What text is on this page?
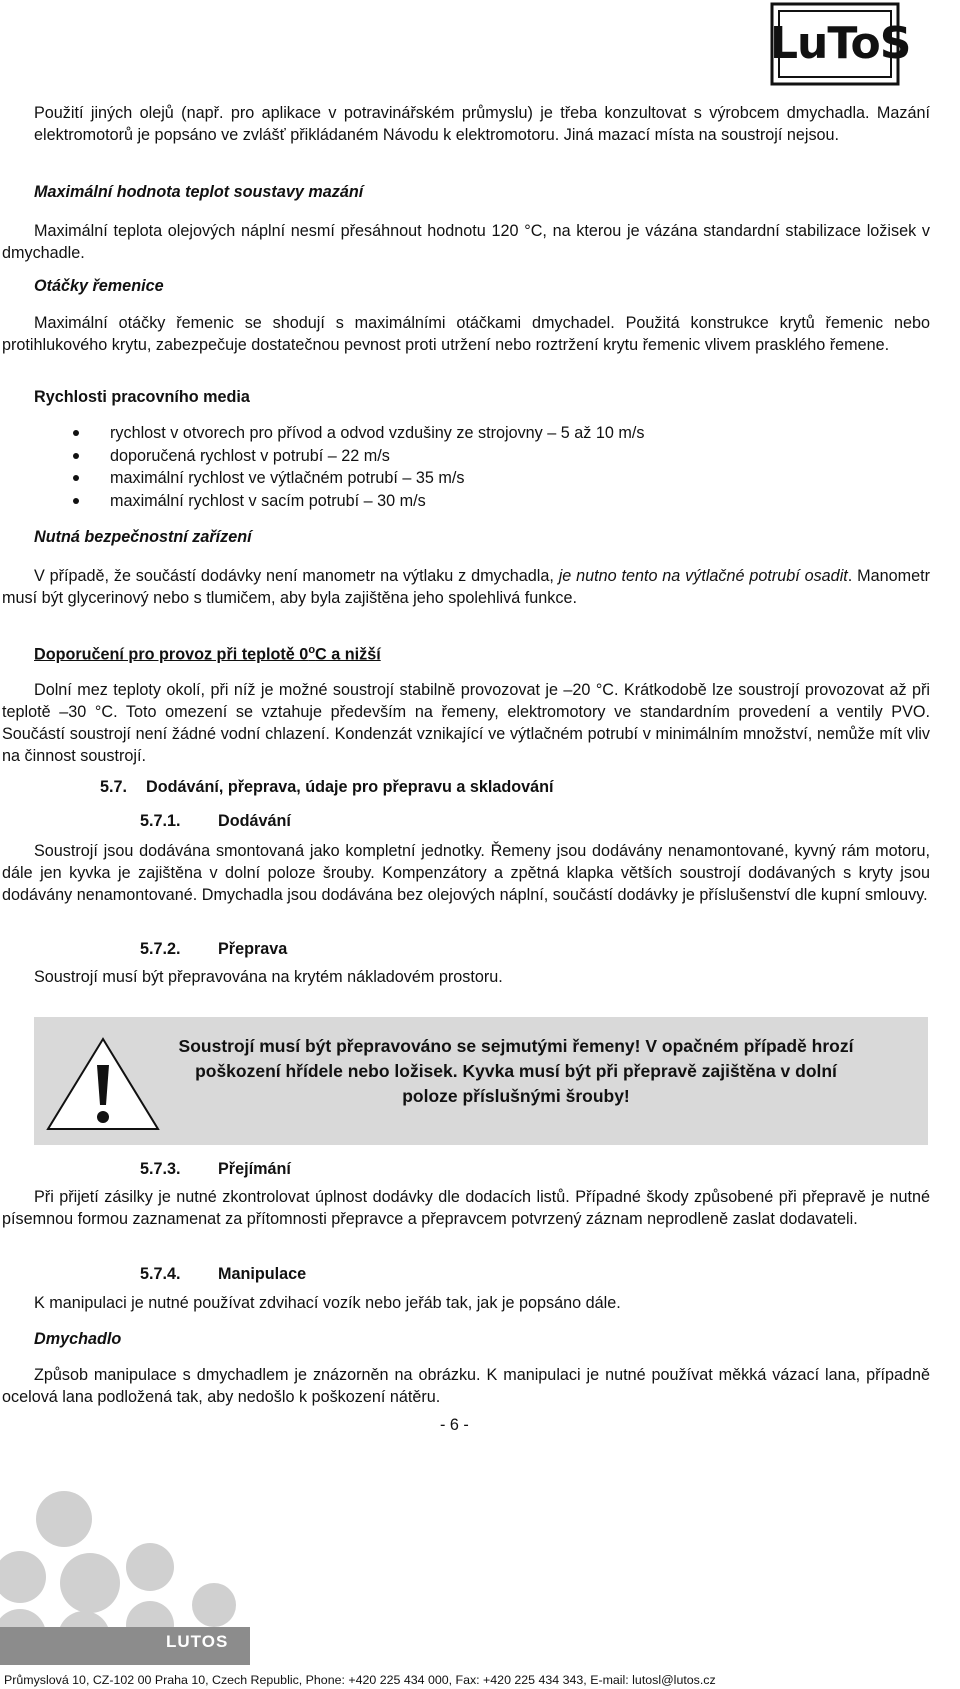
LuToS

Použití jiných olejů (např. pro aplikace v potravinářském průmyslu) je třeba konzultovat s výrobcem dmychadla. Mazání elektromotorů je popsáno ve zvlášť přikládaném Návodu k elektromotoru. Jiná mazací místa na soustrojí nejsou.

Maximální hodnota teplot soustavy mazání

Maximální teplota olejových náplní nesmí přesáhnout hodnotu 120 °C, na kterou je vázána standardní stabilizace ložisek v dmychadle.

Otáčky řemenice

Maximální otáčky řemenic se shodují s maximálními otáčkami dmychadel. Použitá konstrukce krytů řemenic nebo protihlukového krytu, zabezpečuje dostatečnou pevnost proti utržení nebo roztržení krytu řemenic vlivem prasklého řemene.

Rychlosti pracovního media
rychlost v otvorech pro přívod a odvod vzdušiny ze strojovny – 5 až 10 m/s
doporučená rychlost v potrubí – 22 m/s
maximální rychlost ve výtlačném potrubí – 35 m/s
maximální rychlost v sacím potrubí – 30 m/s
Nutná bezpečnostní zařízení

V případě, že součástí dodávky není manometr na výtlaku z dmychadla, je nutno tento na výtlačné potrubí osadit. Manometr musí být glycerinový nebo s tlumičem, aby byla zajištěna jeho spolehlivá funkce.

Doporučení pro provoz při teplotě 0$^o$C a nižší

Dolní mez teploty okolí, při níž je možné soustrojí stabilně provozovat je –20 °C. Krátkodobě lze soustrojí provozovat až při teplotě –30 °C. Toto omezení se vztahuje především na řemeny, elektromotory ve standardním provedení a ventily PVO. Součástí soustrojí není žádné vodní chlazení. Kondenzát vznikající ve výtlačném potrubí v minimálním množství, nemůže mít vliv na činnost soustrojí.

5.7. Dodávání, přeprava, údaje pro přepravu a skladování
5.7.1. Dodávání

Soustrojí jsou dodávána smontovaná jako kompletní jednotky. Řemeny jsou dodávány nenamontované, kyvný rám motoru, dále jen kyvka je zajištěna v dolní poloze šrouby. Kompenzátory a zpětná klapka větších soustrojí dodávaných s kryty jsou dodávány nenamontované. Dmychadla jsou dodávána bez olejových náplní, součástí dodávky je příslušenství dle kupní smlouvy.

5.7.2. Přeprava

Soustrojí musí být přepravována na krytém nákladovém prostoru.

Soustrojí musí být přepravováno se sejmutými řemeny! V opačném případě hrozí poškození hřídele nebo ložisek. Kyvka musí být při přepravě zajištěna v dolní poloze příslušnými šrouby!

5.7.3. Přejímání

Při přijetí zásilky je nutné zkontrolovat úplnost dodávky dle dodacích listů. Případné škody způsobené při přepravě je nutné písemnou formou zaznamenat za přítomnosti přepravce a přepravcem potvrzený záznam neprodleně zaslat dodavateli.

5.7.4. Manipulace

K manipulaci je nutné používat zdvihací vozík nebo jeřáb tak, jak je popsáno dále.

Dmychadlo

Způsob manipulace s dmychadlem je znázorněn na obrázku. K manipulaci je nutné používat měkká vázací lana, případně ocelová lana podložená tak, aby nedošlo k poškození nátěru.

- 6 -
LUTOS
Průmyslová 10, CZ-102 00 Praha 10, Czech Republic, Phone: +420 225 434 000, Fax: +420 225 434 343, E-mail: lutosl@lutos.cz
